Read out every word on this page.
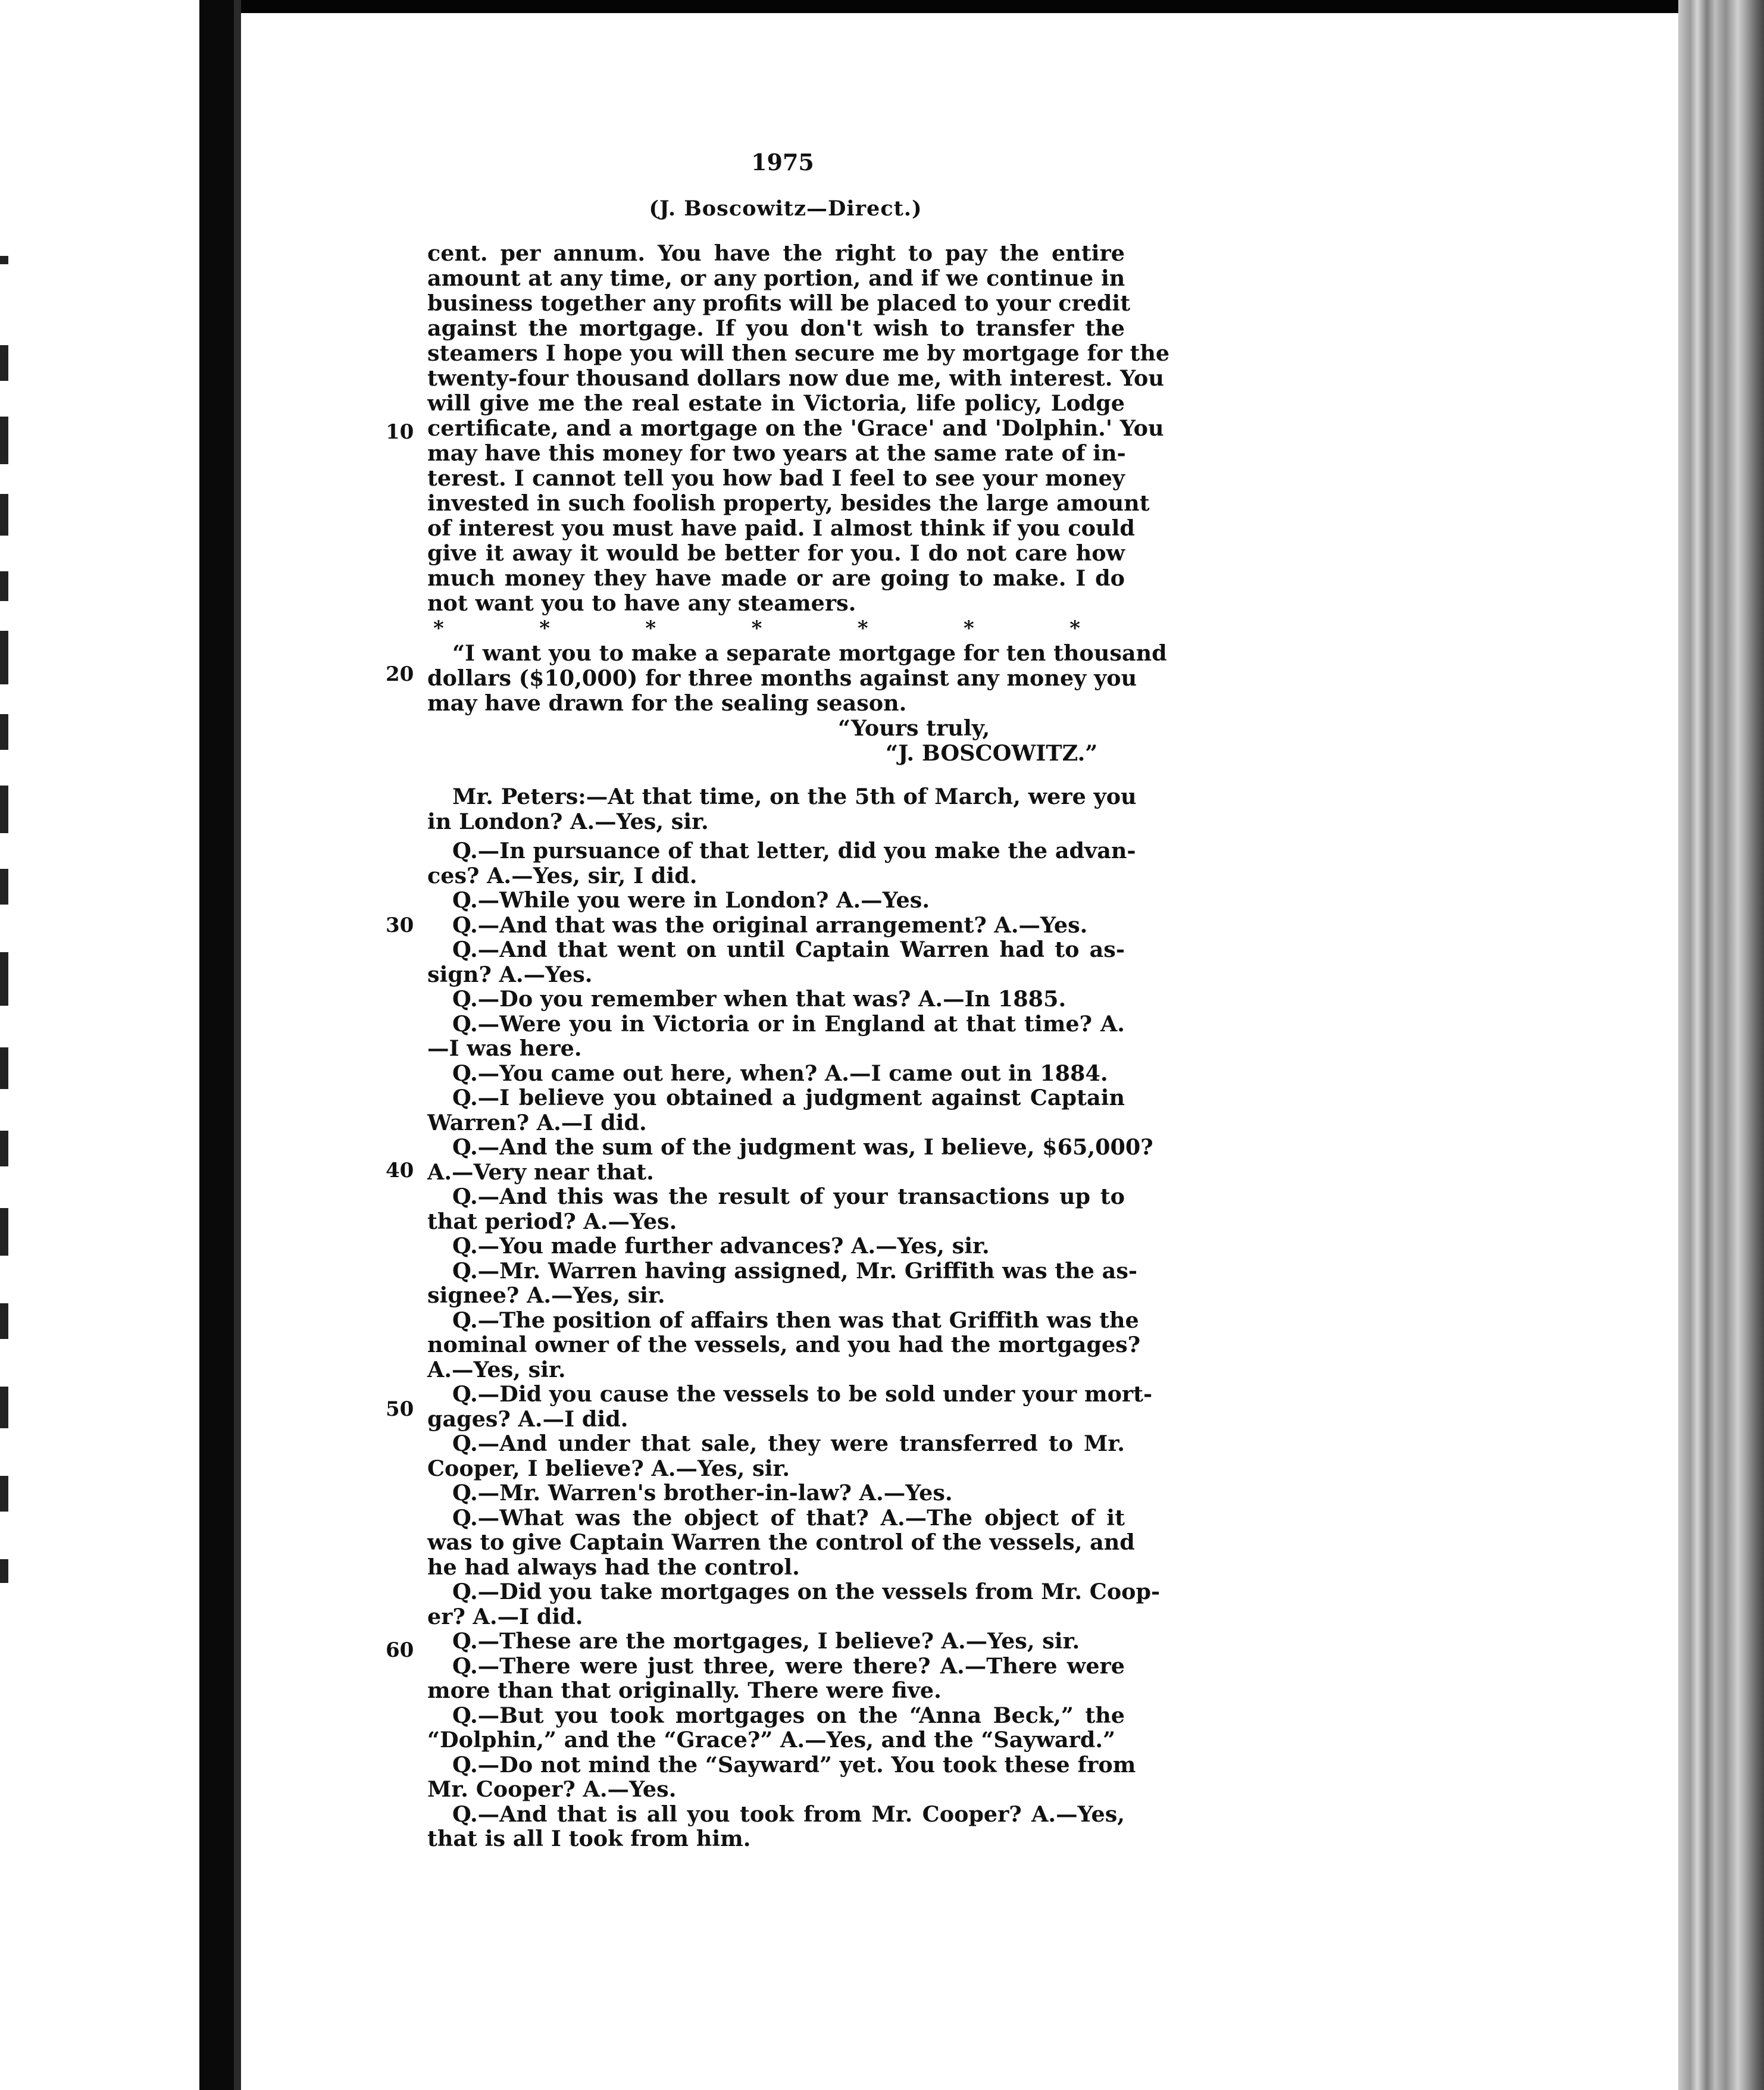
1975
(J. Boscowitz—Direct.)
10
20
30
40
50
60
cent. per annum. You have the right to pay the entire
amount at any time, or any portion, and if we continue in
business together any profits will be placed to your credit
against the mortgage. If you don't wish to transfer the
steamers I hope you will then secure me by mortgage for the
twenty-four thousand dollars now due me, with interest. You
will give me the real estate in Victoria, life policy, Lodge
certificate, and a mortgage on the 'Grace' and 'Dolphin.' You
may have this money for two years at the same rate of in-
terest. I cannot tell you how bad I feel to see your money
invested in such foolish property, besides the large amount
of interest you must have paid. I almost think if you could
give it away it would be better for you. I do not care how
much money they have made or are going to make. I do
not want you to have any steamers.
*	*	*	*	*	*	*
“I want you to make a separate mortgage for ten thousand
dollars ($10,000) for three months against any money you
may have drawn for the sealing season.
“Yours truly,
“J. BOSCOWITZ.”
Mr. Peters:—At that time, on the 5th of March, were you
in London? A.—Yes, sir.
Q.—In pursuance of that letter, did you make the advan-
ces? A.—Yes, sir, I did.
Q.—While you were in London? A.—Yes.
Q.—And that was the original arrangement? A.—Yes.
Q.—And that went on until Captain Warren had to as-
sign? A.—Yes.
Q.—Do you remember when that was? A.—In 1885.
Q.—Were you in Victoria or in England at that time? A.
—I was here.
Q.—You came out here, when? A.—I came out in 1884.
Q.—I believe you obtained a judgment against Captain
Warren? A.—I did.
Q.—And the sum of the judgment was, I believe, $65,000?
A.—Very near that.
Q.—And this was the result of your transactions up to
that period? A.—Yes.
Q.—You made further advances? A.—Yes, sir.
Q.—Mr. Warren having assigned, Mr. Griffith was the as-
signee? A.—Yes, sir.
Q.—The position of affairs then was that Griffith was the
nominal owner of the vessels, and you had the mortgages?
A.—Yes, sir.
Q.—Did you cause the vessels to be sold under your mort-
gages? A.—I did.
Q.—And under that sale, they were transferred to Mr.
Cooper, I believe? A.—Yes, sir.
Q.—Mr. Warren's brother-in-law? A.—Yes.
Q.—What was the object of that? A.—The object of it
was to give Captain Warren the control of the vessels, and
he had always had the control.
Q.—Did you take mortgages on the vessels from Mr. Coop-
er? A.—I did.
Q.—These are the mortgages, I believe? A.—Yes, sir.
Q.—There were just three, were there? A.—There were
more than that originally. There were five.
Q.—But you took mortgages on the “Anna Beck,” the
“Dolphin,” and the “Grace?” A.—Yes, and the “Sayward.”
Q.—Do not mind the “Sayward” yet. You took these from
Mr. Cooper? A.—Yes.
Q.—And that is all you took from Mr. Cooper? A.—Yes,
that is all I took from him.
